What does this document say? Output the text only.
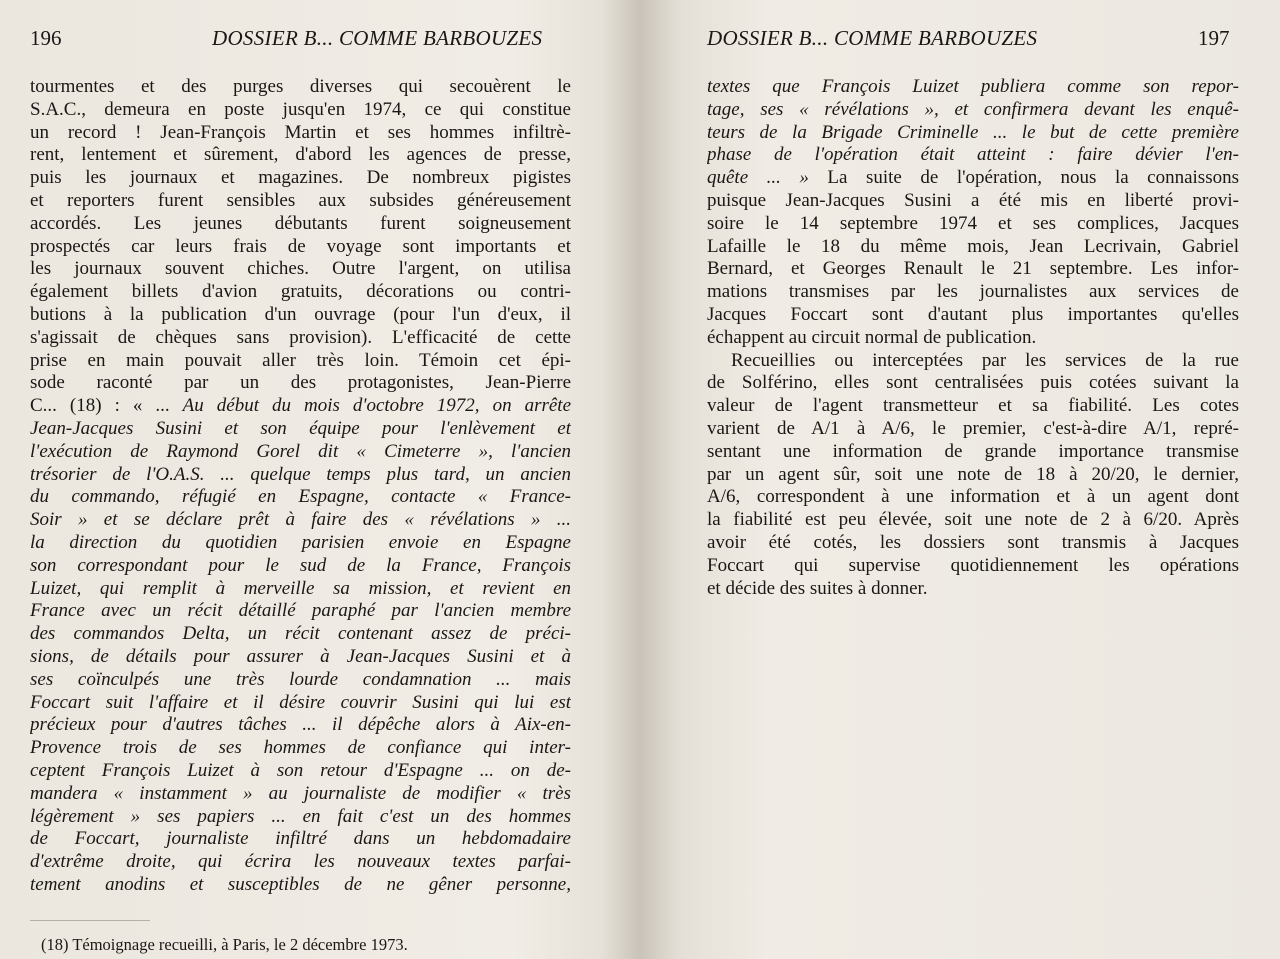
196	DOSSIER B... COMME BARBOUZES
tourmentes et des purges diverses qui secouèrent le
S.A.C., demeura en poste jusqu'en 1974, ce qui constitue
un record ! Jean-François Martin et ses hommes infiltrè-
rent, lentement et sûrement, d'abord les agences de presse,
puis les journaux et magazines. De nombreux pigistes
et reporters furent sensibles aux subsides généreusement
accordés. Les jeunes débutants furent soigneusement
prospectés car leurs frais de voyage sont importants et
les journaux souvent chiches. Outre l'argent, on utilisa
également billets d'avion gratuits, décorations ou contri-
butions à la publication d'un ouvrage (pour l'un d'eux, il
s'agissait de chèques sans provision). L'efficacité de cette
prise en main pouvait aller très loin. Témoin cet épi-
sode raconté par un des protagonistes, Jean-Pierre
C... (18) : « ... Au début du mois d'octobre 1972, on arrête
Jean-Jacques Susini et son équipe pour l'enlèvement et
l'exécution de Raymond Gorel dit « Cimeterre », l'ancien
trésorier de l'O.A.S. ... quelque temps plus tard, un ancien
du commando, réfugié en Espagne, contacte « France-
Soir » et se déclare prêt à faire des « révélations » ...
la direction du quotidien parisien envoie en Espagne
son correspondant pour le sud de la France, François
Luizet, qui remplit à merveille sa mission, et revient en
France avec un récit détaillé paraphé par l'ancien membre
des commandos Delta, un récit contenant assez de préci-
sions, de détails pour assurer à Jean-Jacques Susini et à
ses coïnculpés une très lourde condamnation ... mais
Foccart suit l'affaire et il désire couvrir Susini qui lui est
précieux pour d'autres tâches ... il dépêche alors à Aix-en-
Provence trois de ses hommes de confiance qui inter-
ceptent François Luizet à son retour d'Espagne ... on de-
mandera « instamment » au journaliste de modifier « très
légèrement » ses papiers ... en fait c'est un des hommes
de Foccart, journaliste infiltré dans un hebdomadaire
d'extrême droite, qui écrira les nouveaux textes parfai-
tement anodins et susceptibles de ne gêner personne,
(18) Témoignage recueilli, à Paris, le 2 décembre 1973.
DOSSIER B... COMME BARBOUZES	197
textes que François Luizet publiera comme son repor-
tage, ses « révélations », et confirmera devant les enquê-
teurs de la Brigade Criminelle ... le but de cette première
phase de l'opération était atteint : faire dévier l'en-
quête ... » La suite de l'opération, nous la connaissons
puisque Jean-Jacques Susini a été mis en liberté provi-
soire le 14 septembre 1974 et ses complices, Jacques
Lafaille le 18 du même mois, Jean Lecrivain, Gabriel
Bernard, et Georges Renault le 21 septembre. Les infor-
mations transmises par les journalistes aux services de
Jacques Foccart sont d'autant plus importantes qu'elles
échappent au circuit normal de publication.
Recueillies ou interceptées par les services de la rue
de Solférino, elles sont centralisées puis cotées suivant la
valeur de l'agent transmetteur et sa fiabilité. Les cotes
varient de A/1 à A/6, le premier, c'est-à-dire A/1, repré-
sentant une information de grande importance transmise
par un agent sûr, soit une note de 18 à 20/20, le dernier,
A/6, correspondent à une information et à un agent dont
la fiabilité est peu élevée, soit une note de 2 à 6/20. Après
avoir été cotés, les dossiers sont transmis à Jacques
Foccart qui supervise quotidiennement les opérations
et décide des suites à donner.
